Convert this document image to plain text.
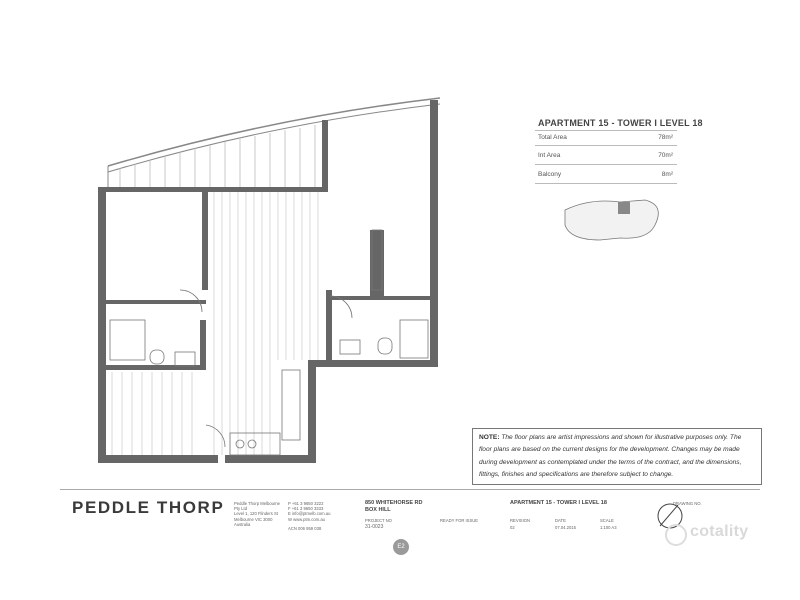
APARTMENT 15 - TOWER I LEVEL 18
Total Area	78m²
Int Area	70m²
Balcony	8m²
NOTE: The floor plans are artist impressions and shown for illustrative purposes only. The floor plans are based on the current designs for the development. Changes may be made during development as contemplated under the terms of the contract, and the dimensions, fittings, finishes and specifications are therefore subject to change.
PEDDLE THORP Peddle Thorp Melbourne Pty Ltd
Level 1, 120 Flinders St
Melbourne VIC 3000
Australia
P +61 3 9650 3222
F +61 3 9650 3333
E info@ptmelb.com.au
W www.ptm.com.au
ACN 006 959 038
850 WHITEHORSE RD
BOX HILL
PROJECT NO
31-0023
READY FOR ISSUE
E2
APARTMENT 15 - TOWER I LEVEL 18
REVISION
02
DATE
07.04.2015
SCALE
1:100 A3
DRAWING NO.
cotality
